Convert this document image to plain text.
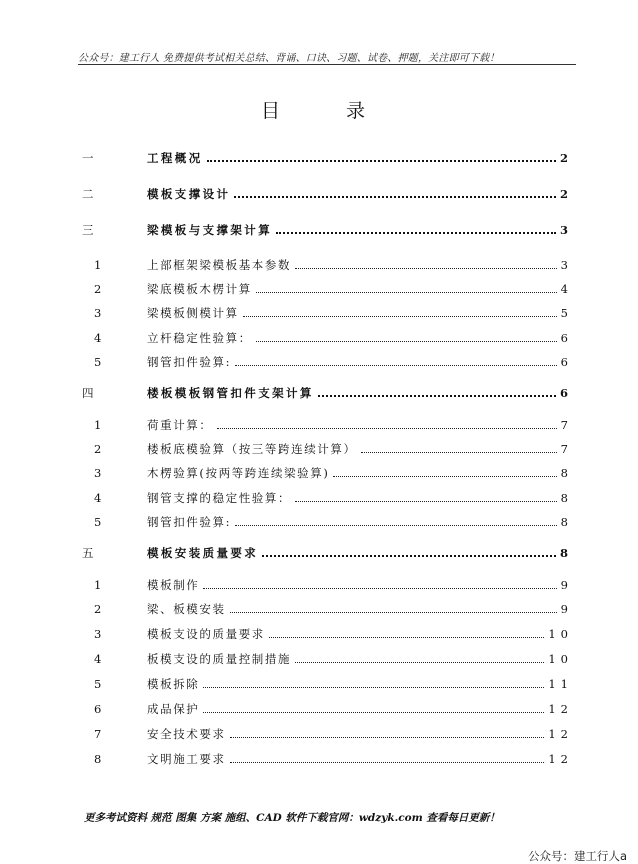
公众号：建工行人 免费提供考试相关总结、背诵、口诀、习题、试卷、押题，关注即可下载！
目 录
一	工程概况	2
二	模板支撑设计	2
三	梁模板与支撑架计算	3
1	上部框架梁模板基本参数	3
2	梁底模板木楞计算	4
3	梁模板侧模计算	5
4	立杆稳定性验算：	6
5	钢管扣件验算:	6
四	楼板模板钢管扣件支架计算	6
1	荷重计算：	7
2	楼板底模验算（按三等跨连续计算）	7
3	木楞验算(按两等跨连续梁验算)	8
4	钢管支撑的稳定性验算：	8
5	钢管扣件验算:	8
五	模板安装质量要求	8
1	模板制作	9
2	梁、板模安装	9
3	模板支设的质量要求	10
4	板模支设的质量控制措施	10
5	模板拆除	11
6	成品保护	12
7	安全技术要求	12
8	文明施工要求	12
更多考试资料 规范 图集 方案 施组、CAD 软件下载官网：wdzyk.com 查看每日更新！
公众号：建工行人a
